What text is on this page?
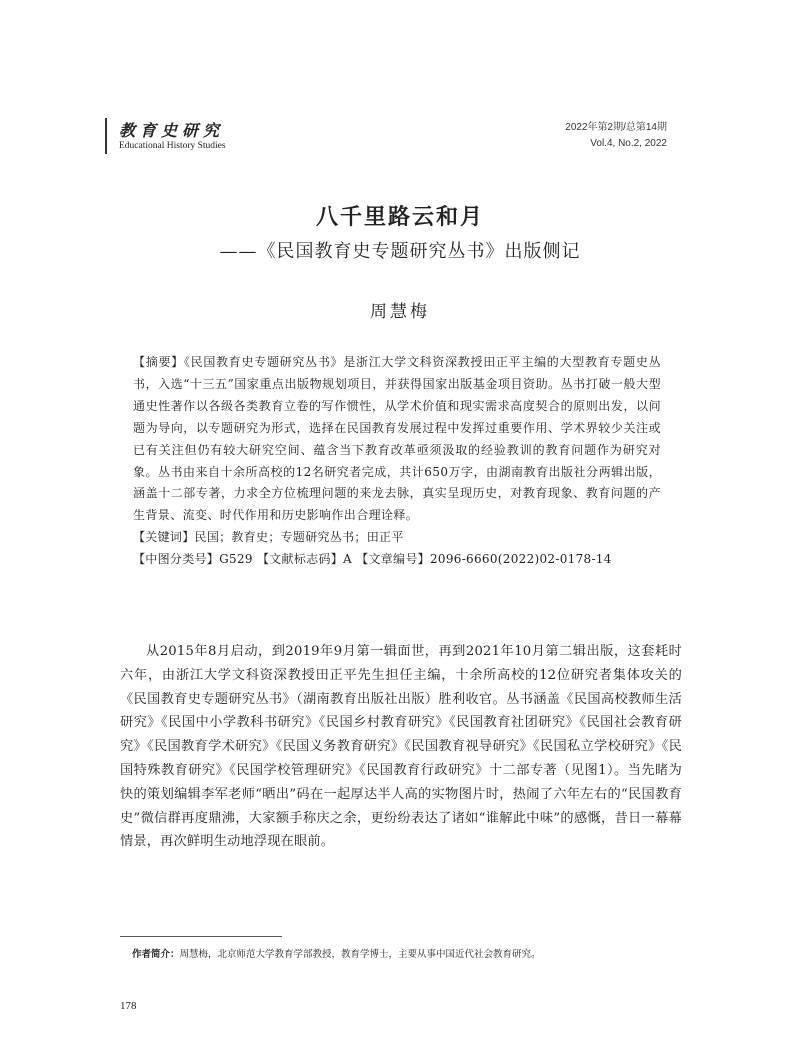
教育史研究
Educational History Studies
2022年第2期/总第14期
Vol.4, No.2, 2022
八千里路云和月
——《民国教育史专题研究丛书》出版侧记
周慧梅
【摘要】《民国教育史专题研究丛书》是浙江大学文科资深教授田正平主编的大型教育专题史丛书，入选“十三五”国家重点出版物规划项目，并获得国家出版基金项目资助。丛书打破一般大型通史性著作以各级各类教育立卷的写作惯性，从学术价值和现实需求高度契合的原则出发，以问题为导向，以专题研究为形式，选择在民国教育发展过程中发挥过重要作用、学术界较少关注或已有关注但仍有较大研究空间、蕴含当下教育改革亟须汲取的经验教训的教育问题作为研究对象。丛书由来自十余所高校的12名研究者完成，共计650万字，由湖南教育出版社分两辑出版，涵盖十二部专著，力求全方位梳理问题的来龙去脉，真实呈现历史，对教育现象、教育问题的产生背景、流变、时代作用和历史影响作出合理诠释。
【关键词】民国；教育史；专题研究丛书；田正平
【中图分类号】G529 【文献标志码】A 【文章编号】2096-6660(2022)02-0178-14
从2015年8月启动，到2019年9月第一辑面世，再到2021年10月第二辑出版，这套耗时六年，由浙江大学文科资深教授田正平先生担任主编，十余所高校的12位研究者集体攻关的《民国教育史专题研究丛书》（湖南教育出版社出版）胜利收官。丛书涵盖《民国高校教师生活研究》《民国中小学教科书研究》《民国乡村教育研究》《民国教育社团研究》《民国社会教育研究》《民国教育学术研究》《民国义务教育研究》《民国教育视导研究》《民国私立学校研究》《民国特殊教育研究》《民国学校管理研究》《民国教育行政研究》十二部专著（见图1）。当先睹为快的策划编辑李军老师“晒出”码在一起厚达半人高的实物图片时，热闹了六年左右的“民国教育史”微信群再度鼎沸，大家额手称庆之余，更纷纷表达了诸如“谁解此中味”的感慨，昔日一幕幕情景，再次鲜明生动地浮现在眼前。
作者简介：周慧梅，北京师范大学教育学部教授，教育学博士，主要从事中国近代社会教育研究。
178
